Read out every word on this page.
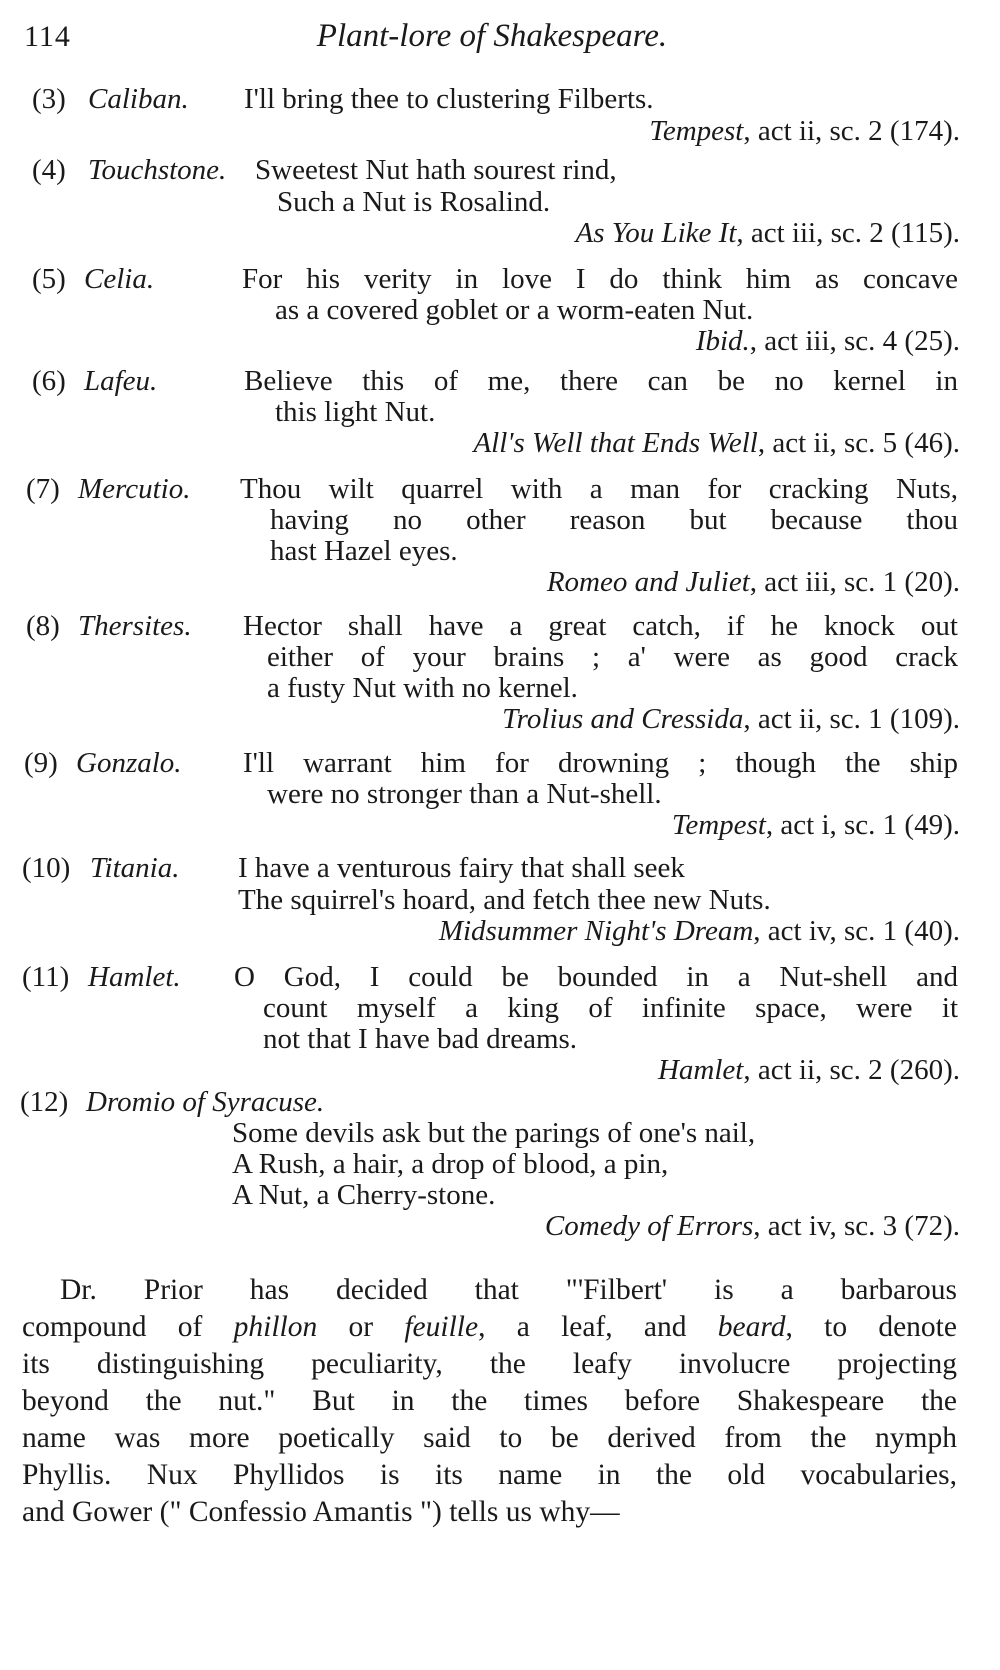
114	Plant-lore of Shakespeare.
(3) Caliban. I'll bring thee to clustering Filberts.
Tempest, act ii, sc. 2 (174).
(4) Touchstone. Sweetest Nut hath sourest rind,
Such a Nut is Rosalind.
As You Like It, act iii, sc. 2 (115).
(5) Celia.	For his verity in love I do think him as concave
as a covered goblet or a worm-eaten Nut.
Ibid., act iii, sc. 4 (25).
(6) Lafeu.	Believe this of me, there can be no kernel in
this light Nut.
All's Well that Ends Well, act ii, sc. 5 (46).
(7) Mercutio. Thou wilt quarrel with a man for cracking Nuts,
having no other reason but because thou
hast Hazel eyes.
Romeo and Juliet, act iii, sc. 1 (20).
(8) Thersites. Hector shall have a great catch, if he knock out
either of your brains ; a' were as good crack
a fusty Nut with no kernel.
Trolius and Cressida, act ii, sc. 1 (109).
(9) Gonzalo. I'll warrant him for drowning ; though the ship
were no stronger than a Nut-shell.
Tempest, act i, sc. 1 (49).
(10) Titania. I have a venturous fairy that shall seek
The squirrel's hoard, and fetch thee new Nuts.
Midsummer Night's Dream, act iv, sc. 1 (40).
(11) Hamlet. O God, I could be bounded in a Nut-shell and
count myself a king of infinite space, were it
not that I have bad dreams.
Hamlet, act ii, sc. 2 (260).
(12) Dromio of Syracuse.
Some devils ask but the parings of one's nail,
A Rush, a hair, a drop of blood, a pin,
A Nut, a Cherry-stone.
Comedy of Errors, act iv, sc. 3 (72).
Dr. Prior has decided that "'Filbert' is a barbarous
compound of phillon or feuille, a leaf, and beard, to denote
its distinguishing peculiarity, the leafy involucre projecting
beyond the nut." But in the times before Shakespeare the
name was more poetically said to be derived from the nymph
Phyllis. Nux Phyllidos is its name in the old vocabularies,
and Gower (" Confessio Amantis ") tells us why—
